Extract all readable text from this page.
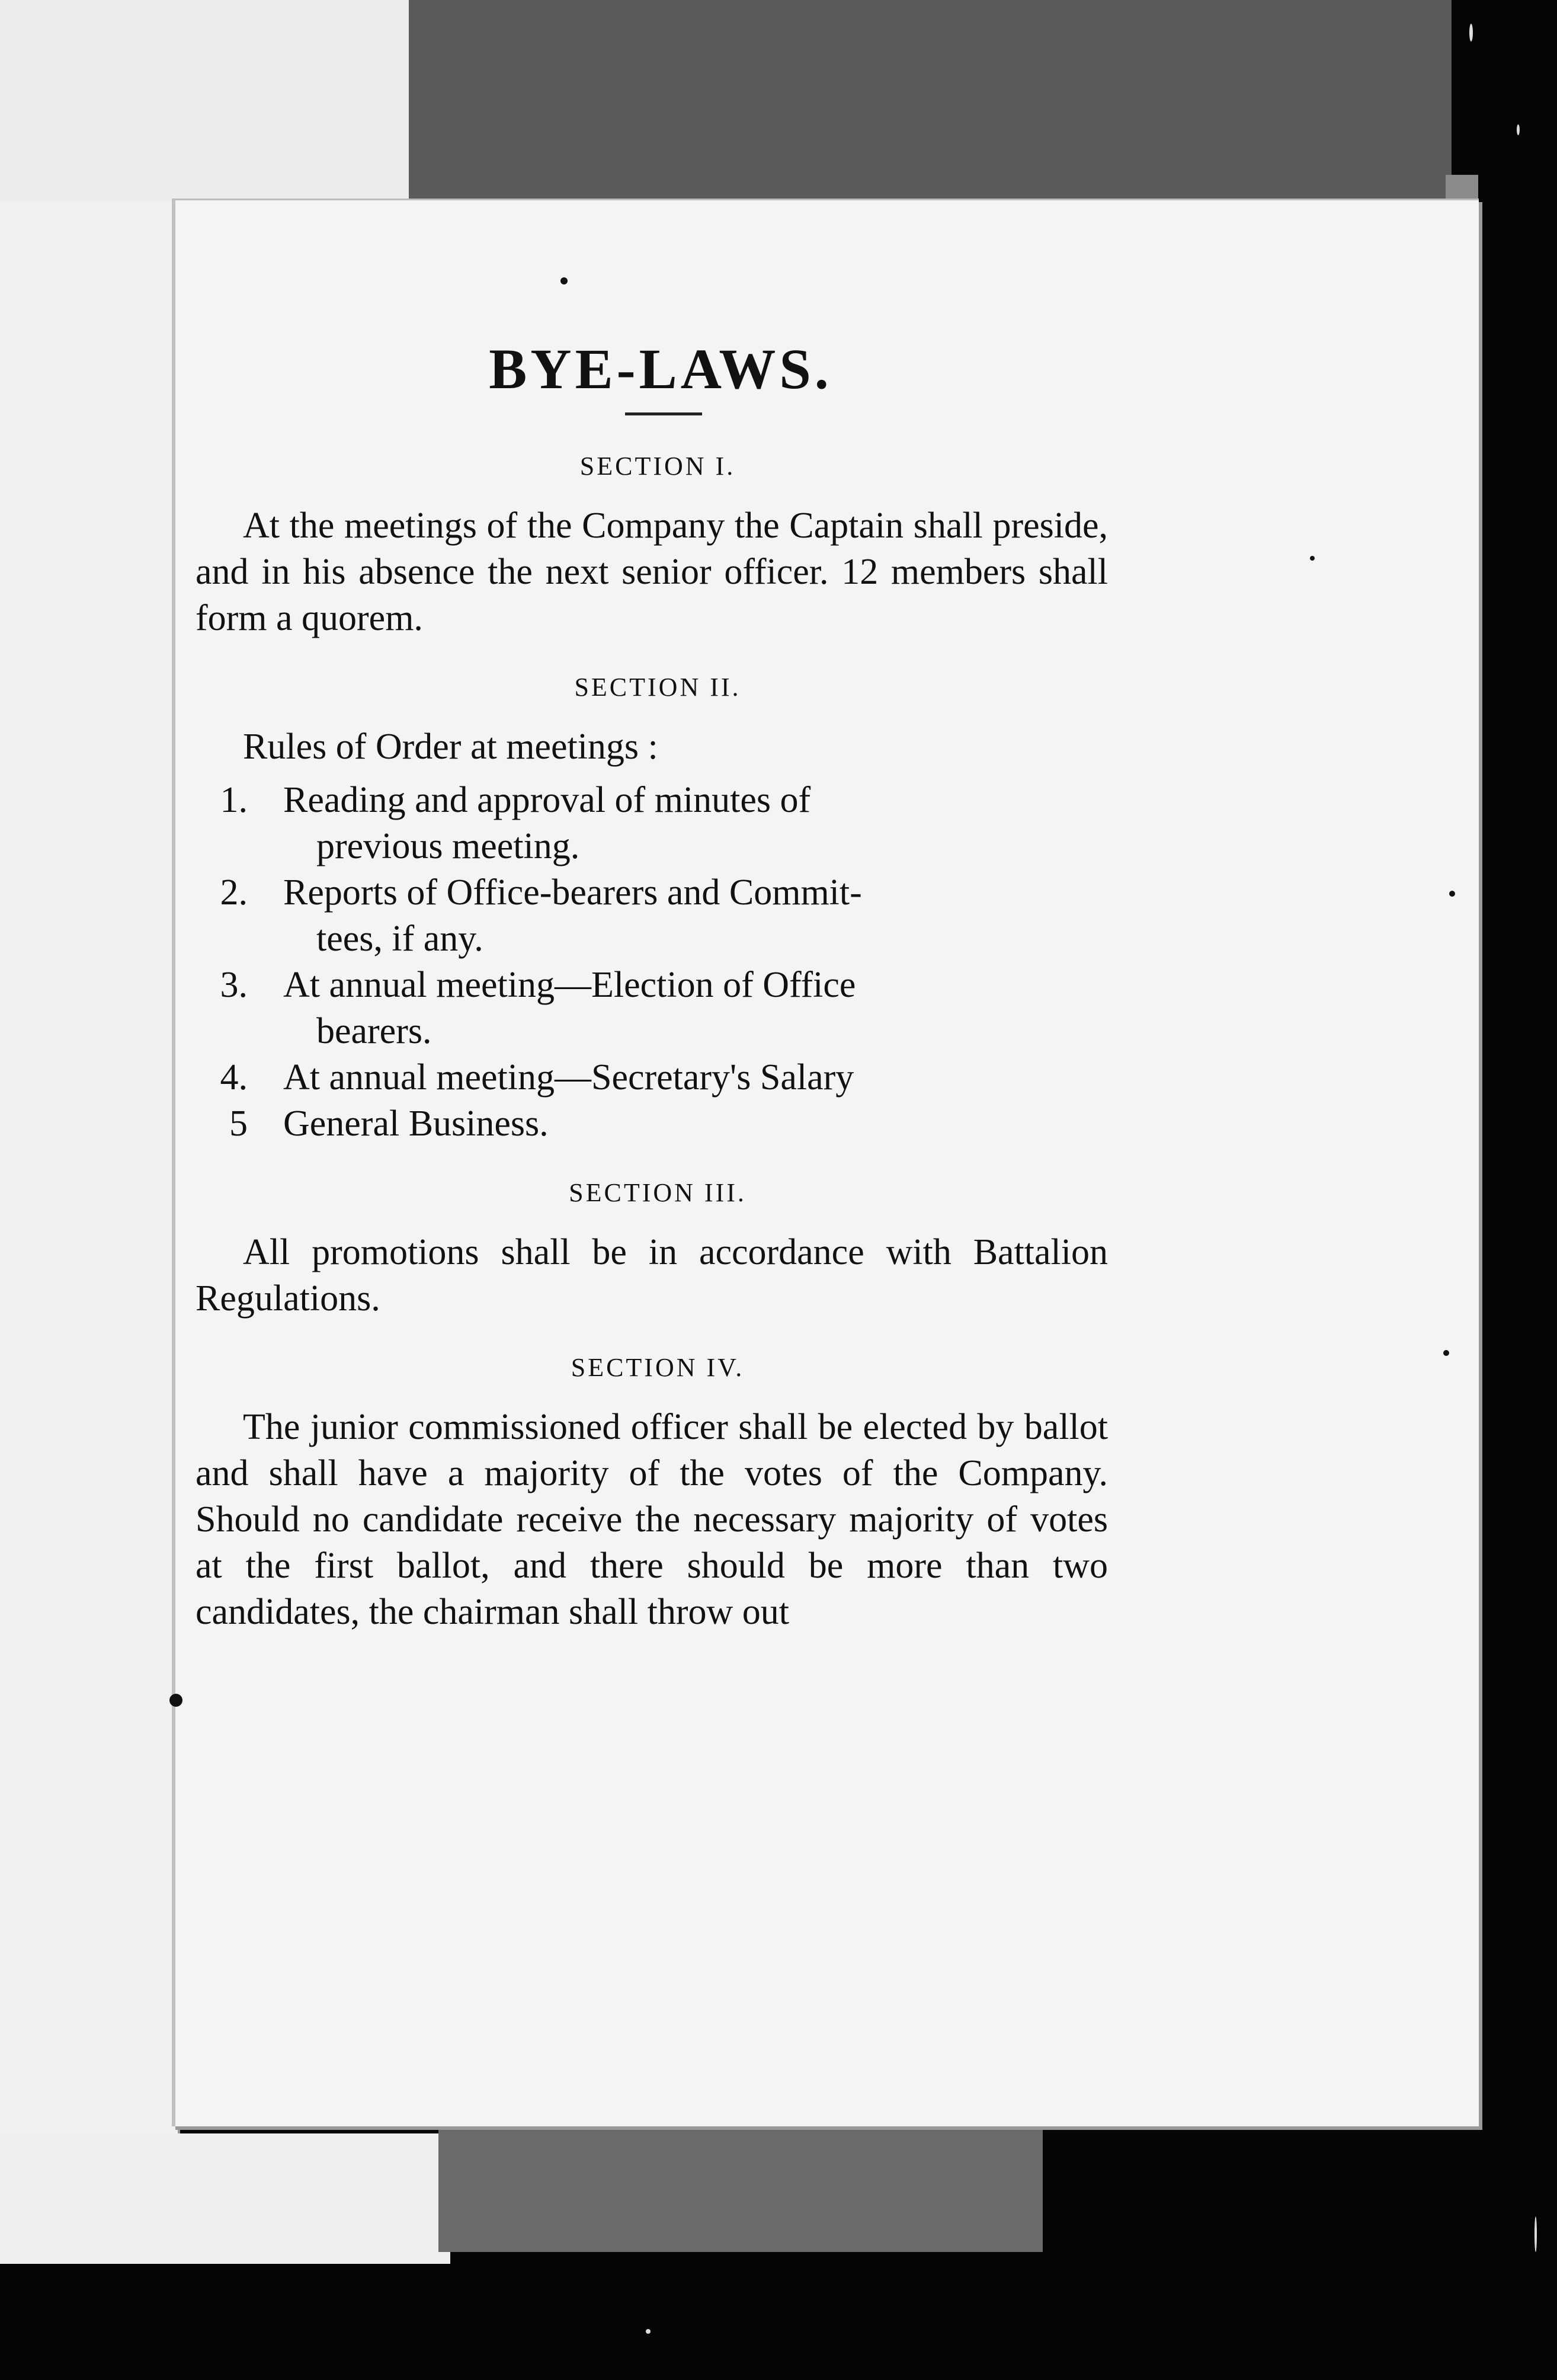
BYE-LAWS.
SECTION I.

At the meetings of the Company the Captain shall preside, and in his absence the next senior officer. 12 members shall form a quorem.

SECTION II.
Rules of Order at meetings :
1. Reading and approval of minutes of
previous meeting.
2. Reports of Office-bearers and Commit-
tees, if any.
3. At annual meeting—Election of Office
bearers.
4. At annual meeting—Secretary's Salary
5 General Business.
SECTION III.

All promotions shall be in accordance with Battalion Regulations.

SECTION IV.

The junior commissioned officer shall be elected by ballot and shall have a majority of the votes of the Company. Should no candidate receive the necessary majority of votes at the first ballot, and there should be more than two candidates, the chairman shall throw out
